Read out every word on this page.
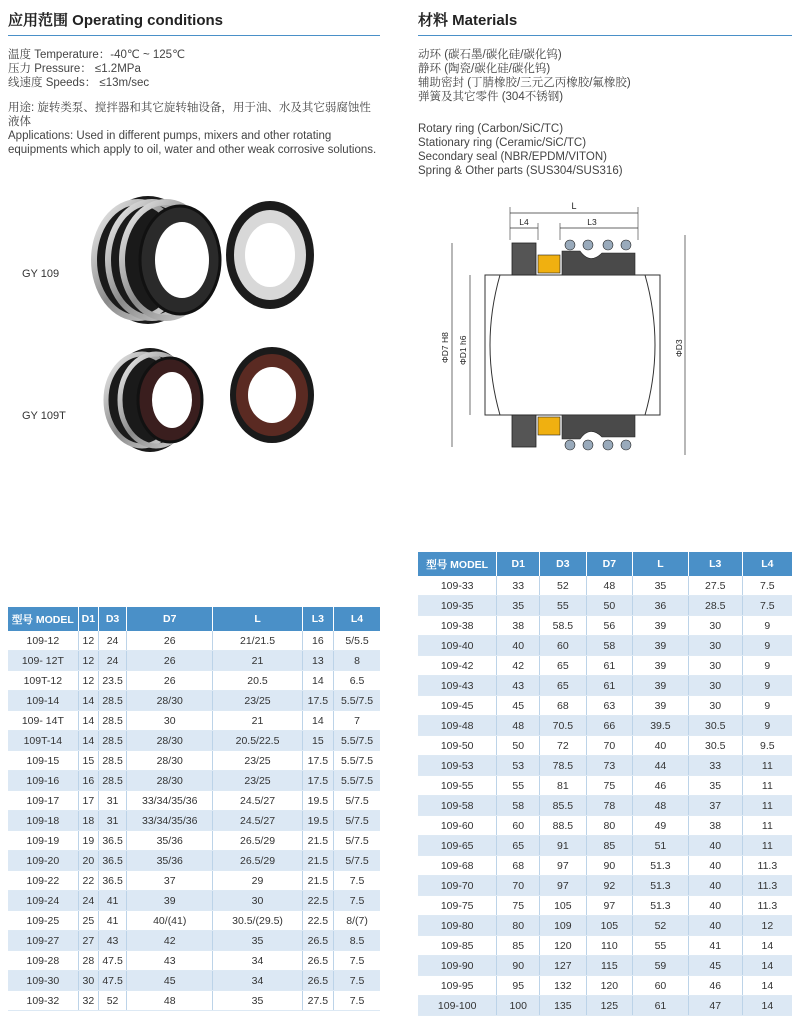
应用范围 Operating conditions
温度 Temperature：-40℃ ~ 125℃
压力 Pressure： ≤1.2MPa
线速度 Speeds： ≤13m/sec
用途: 旋转类泵、搅拌器和其它旋转轴设备，用于油、水及其它弱腐蚀性液体
Applications: Used in different pumps, mixers and other rotating equipments which apply to oil, water and other weak corrosive solutions.
GY 109
GY 109T
材料 Materials
动环 (碳石墨/碳化硅/碳化钨)
静环 (陶瓷/碳化硅/碳化钨)
辅助密封 (丁腈橡胶/三元乙丙橡胶/氟橡胶)
弹簧及其它零件 (304不锈钢)
Rotary ring (Carbon/SiC/TC)
Stationary ring (Ceramic/SiC/TC)
Secondary seal (NBR/EPDM/VITON)
Spring & Other parts (SUS304/SUS316)
L
L4	L3
ΦD7 H8 ΦD1 h6	ΦD3
型号 MODEL	D1	D3	D7	L	L3	L4
109-12	12	24	26	21/21.5	16	5/5.5
109- 12T	12	24	26	21	13	8
109T-12	12	23.5	26	20.5	14	6.5
109-14	14	28.5	28/30	23/25	17.5	5.5/7.5
109- 14T	14	28.5	30	21	14	7
109T-14	14	28.5	28/30	20.5/22.5	15	5.5/7.5
109-15	15	28.5	28/30	23/25	17.5	5.5/7.5
109-16	16	28.5	28/30	23/25	17.5	5.5/7.5
109-17	17	31	33/34/35/36	24.5/27	19.5	5/7.5
109-18	18	31	33/34/35/36	24.5/27	19.5	5/7.5
109-19	19	36.5	35/36	26.5/29	21.5	5/7.5
109-20	20	36.5	35/36	26.5/29	21.5	5/7.5
109-22	22	36.5	37	29	21.5	7.5
109-24	24	41	39	30	22.5	7.5
109-25	25	41	40/(41)	30.5/(29.5)	22.5	8/(7)
109-27	27	43	42	35	26.5	8.5
109-28	28	47.5	43	34	26.5	7.5
109-30	30	47.5	45	34	26.5	7.5
109-32	32	52	48	35	27.5	7.5
型号 MODEL	D1	D3	D7	L	L3	L4
109-33	33	52	48	35	27.5	7.5
109-35	35	55	50	36	28.5	7.5
109-38	38	58.5	56	39	30	9
109-40	40	60	58	39	30	9
109-42	42	65	61	39	30	9
109-43	43	65	61	39	30	9
109-45	45	68	63	39	30	9
109-48	48	70.5	66	39.5	30.5	9
109-50	50	72	70	40	30.5	9.5
109-53	53	78.5	73	44	33	11
109-55	55	81	75	46	35	11
109-58	58	85.5	78	48	37	11
109-60	60	88.5	80	49	38	11
109-65	65	91	85	51	40	11
109-68	68	97	90	51.3	40	11.3
109-70	70	97	92	51.3	40	11.3
109-75	75	105	97	51.3	40	11.3
109-80	80	109	105	52	40	12
109-85	85	120	110	55	41	14
109-90	90	127	115	59	45	14
109-95	95	132	120	60	46	14
109-100	100	135	125	61	47	14
